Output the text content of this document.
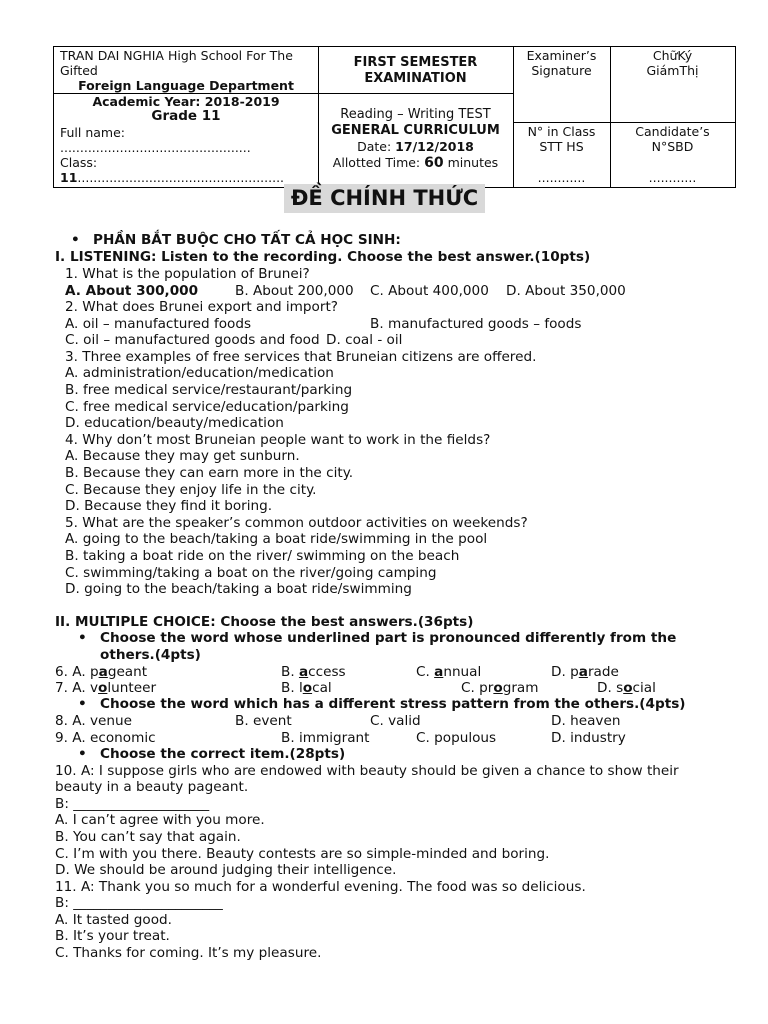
TRAN DAI NGHIA High School For The Gifted
Foreign Language Department
Academic Year: 2018-2019
Grade 11
Full name:
................................................
Class:
11....................................................
FIRST SEMESTER
EXAMINATION
Reading – Writing TEST
GENERAL CURRICULUM
Date: 17/12/2018
Allotted Time: 60 minutes
Examiner’s
Signature
ChữKý
GiámThị
N° in Class
STT HS
............
Candidate’s
N°SBD
............
ĐỀ CHÍNH THỨC
• PHẦN BẮT BUỘC CHO TẤT CẢ HỌC SINH:
I. LISTENING: Listen to the recording. Choose the best answer.(10pts)
1. What is the population of Brunei?
A. About 300,000	B. About 200,000 C. About 400,000 D. About 350,000
2. What does Brunei export and import?
A. oil – manufactured foods	B. manufactured goods – foods
C. oil – manufactured goods and food D. coal - oil
3. Three examples of free services that Bruneian citizens are offered.
A. administration/education/medication
B. free medical service/restaurant/parking
C. free medical service/education/parking
D. education/beauty/medication
4. Why don’t most Bruneian people want to work in the fields?
A. Because they may get sunburn.
B. Because they can earn more in the city.
C. Because they enjoy life in the city.
D. Because they find it boring.
5. What are the speaker’s common outdoor activities on weekends?
A. going to the beach/taking a boat ride/swimming in the pool
B. taking a boat ride on the river/ swimming on the beach
C. swimming/taking a boat on the river/going camping
D. going to the beach/taking a boat ride/swimming
II. MULTIPLE CHOICE: Choose the best answers.(36pts)
• Choose the word whose underlined part is pronounced differently from the
others.(4pts)
6. A. pageant	B. access	C. annual	D. parade
7. A. volunteer	B. local	C. program	D. social
• Choose the word which has a different stress pattern from the others.(4pts)
8. A. venue	B. event	C. valid	D. heaven
9. A. economic	B. immigrant	C. populous	D. industry
• Choose the correct item.(28pts)
10. A: I suppose girls who are endowed with beauty should be given a chance to show their
beauty in a beauty pageant.
B: ____________________
A. I can’t agree with you more.
B. You can’t say that again.
C. I’m with you there. Beauty contests are so simple-minded and boring.
D. We should be around judging their intelligence.
11. A: Thank you so much for a wonderful evening. The food was so delicious.
B: ______________________
A. It tasted good.
B. It’s your treat.
C. Thanks for coming. It’s my pleasure.
